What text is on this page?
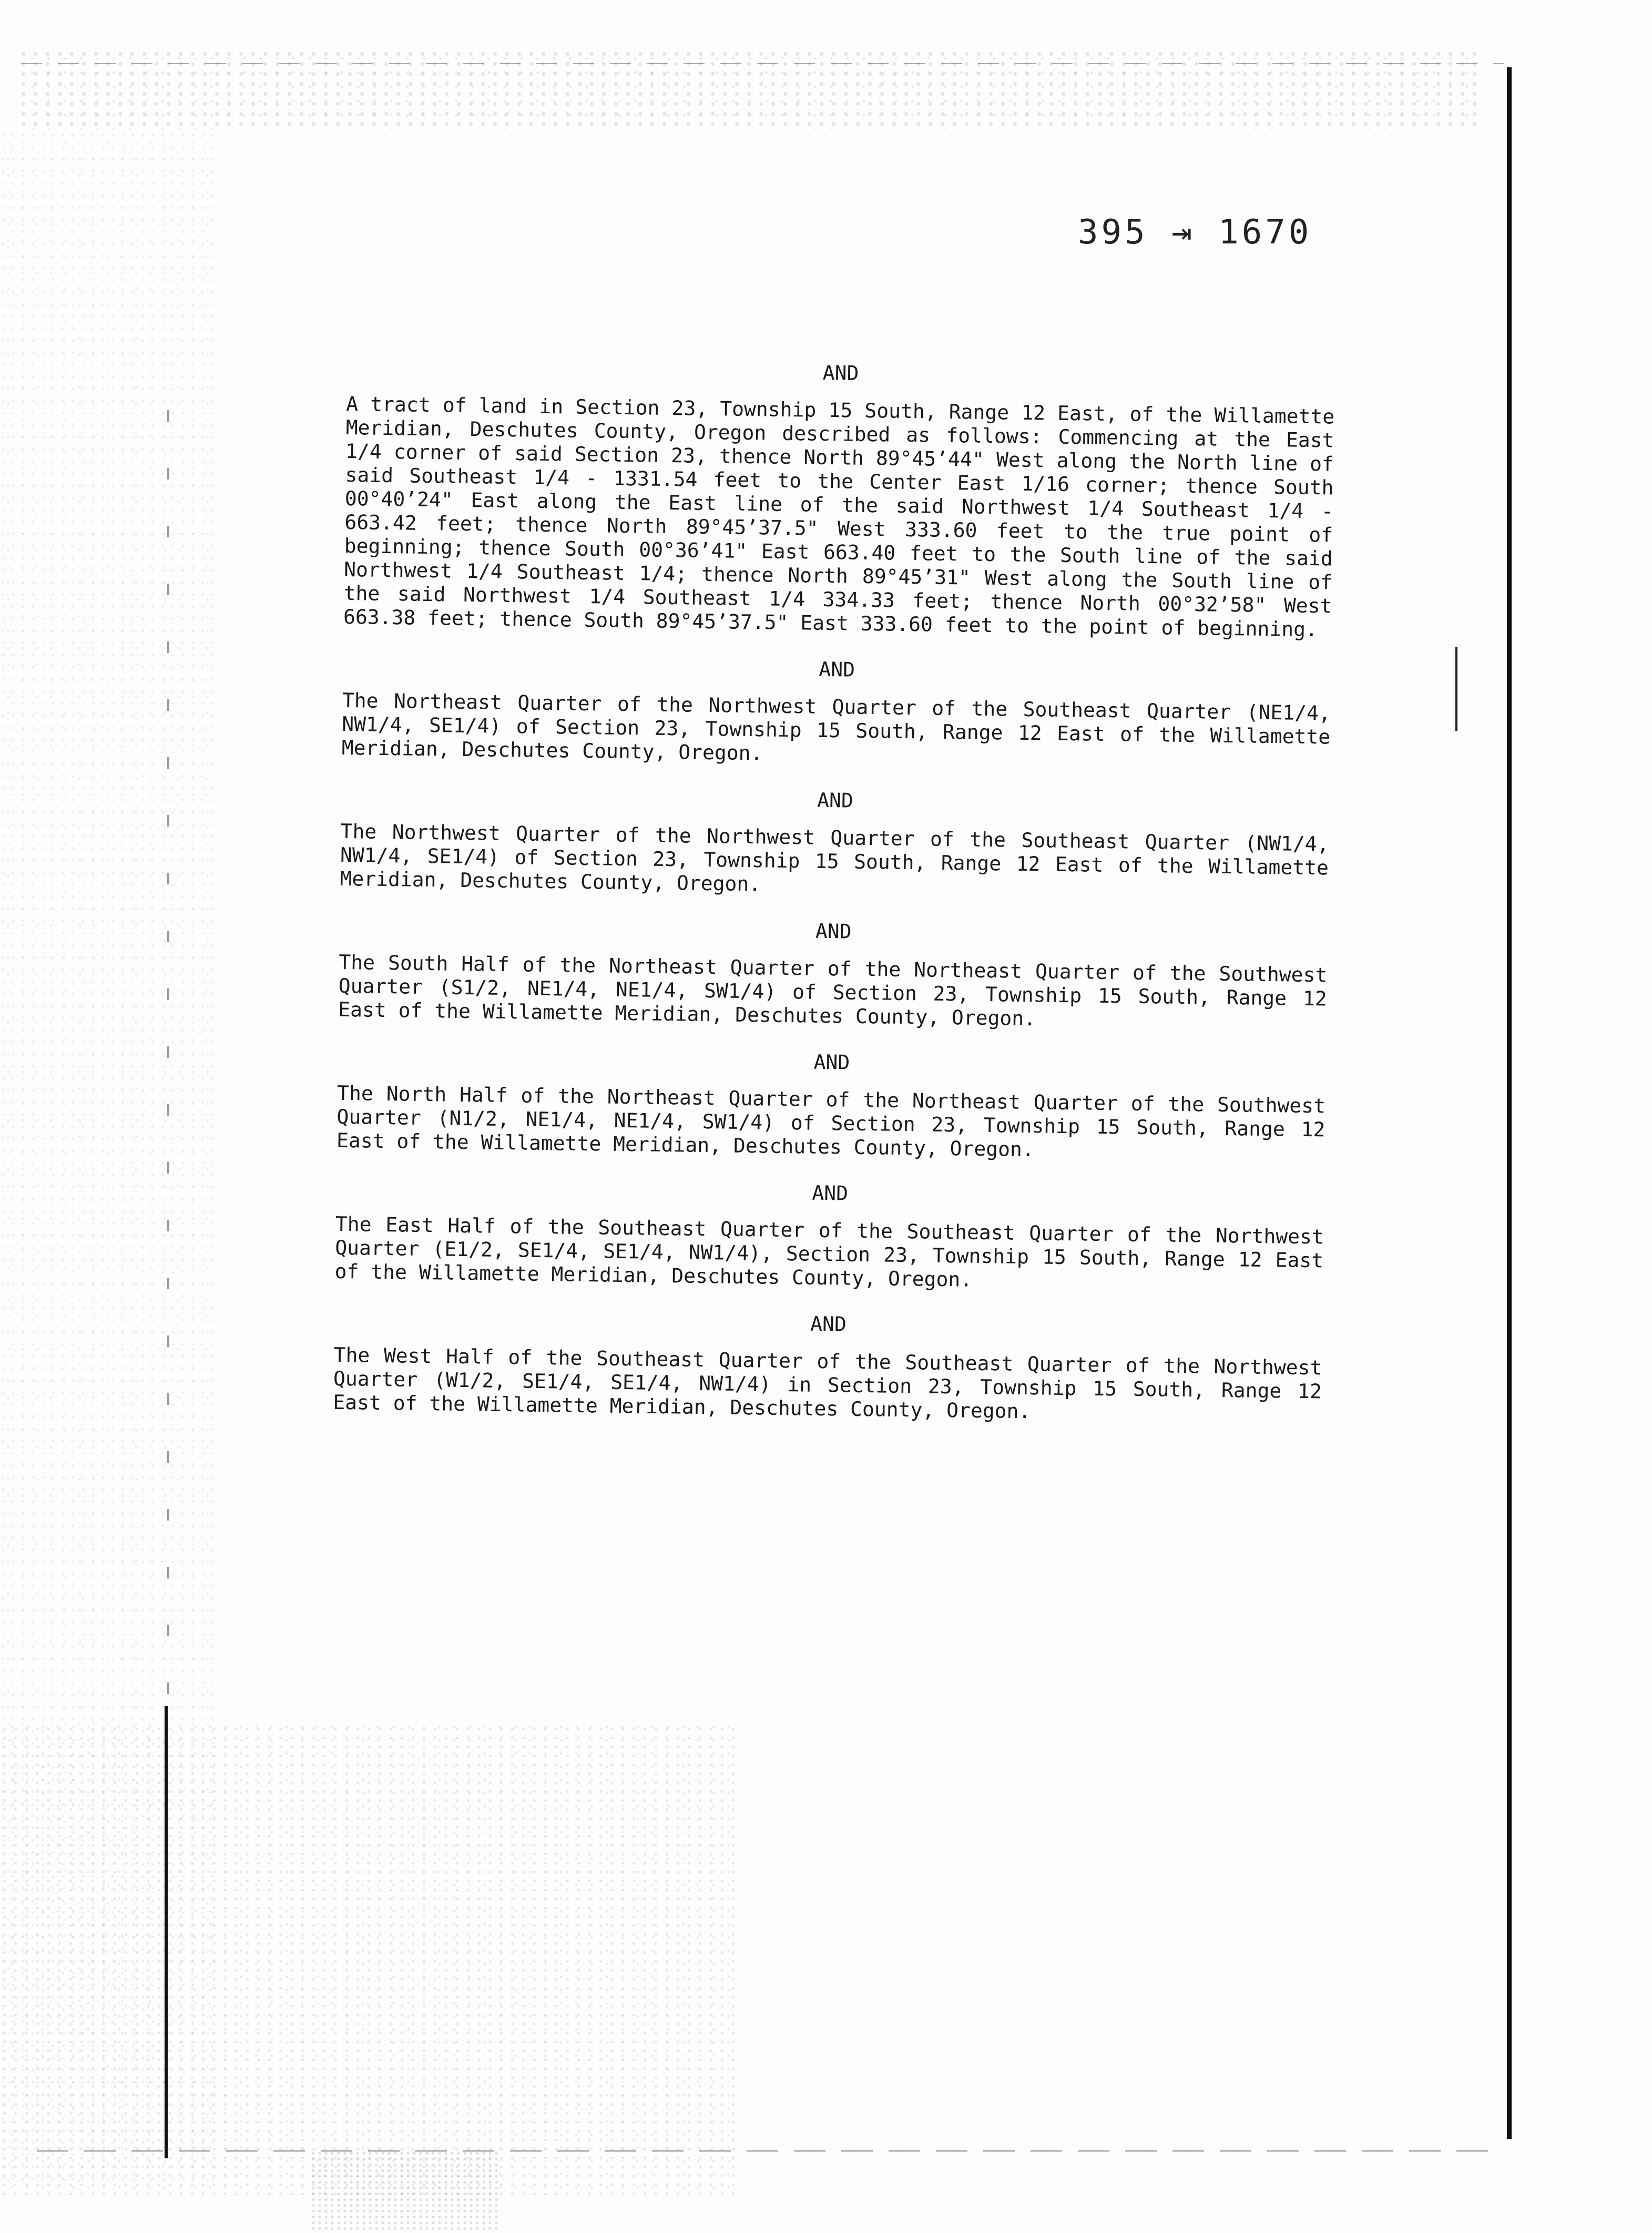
395 ⇥ 1670
AND

A tract of land in Section 23, Township 15 South, Range 12 East, of the Willamette Meridian, Deschutes County, Oregon described as follows: Commencing at the East 1/4 corner of said Section 23, thence North 89°45’44" West along the North line of said Southeast 1/4 - 1331.54 feet to the Center East 1/16 corner; thence South 00°40’24" East along the East line of the said Northwest 1/4 Southeast 1/4 - 663.42 feet; thence North 89°45’37.5" West 333.60 feet to the true point of beginning; thence South 00°36’41" East 663.40 feet to the South line of the said Northwest 1/4 Southeast 1/4; thence North 89°45’31" West along the South line of the said Northwest 1/4 Southeast 1/4 334.33 feet; thence North 00°32’58" West 663.38 feet; thence South 89°45’37.5" East 333.60 feet to the point of beginning.

AND

The Northeast Quarter of the Northwest Quarter of the Southeast Quarter (NE1/4, NW1/4, SE1/4) of Section 23, Township 15 South, Range 12 East of the Willamette Meridian, Deschutes County, Oregon.

AND

The Northwest Quarter of the Northwest Quarter of the Southeast Quarter (NW1/4, NW1/4, SE1/4) of Section 23, Township 15 South, Range 12 East of the Willamette Meridian, Deschutes County, Oregon.

AND

The South Half of the Northeast Quarter of the Northeast Quarter of the Southwest Quarter (S1/2, NE1/4, NE1/4, SW1/4) of Section 23, Township 15 South, Range 12 East of the Willamette Meridian, Deschutes County, Oregon.

AND

The North Half of the Northeast Quarter of the Northeast Quarter of the Southwest Quarter (N1/2, NE1/4, NE1/4, SW1/4) of Section 23, Township 15 South, Range 12 East of the Willamette Meridian, Deschutes County, Oregon.

AND

The East Half of the Southeast Quarter of the Southeast Quarter of the Northwest Quarter (E1/2, SE1/4, SE1/4, NW1/4), Section 23, Township 15 South, Range 12 East of the Willamette Meridian, Deschutes County, Oregon.

AND

The West Half of the Southeast Quarter of the Southeast Quarter of the Northwest Quarter (W1/2, SE1/4, SE1/4, NW1/4) in Section 23, Township 15 South, Range 12 East of the Willamette Meridian, Deschutes County, Oregon.
